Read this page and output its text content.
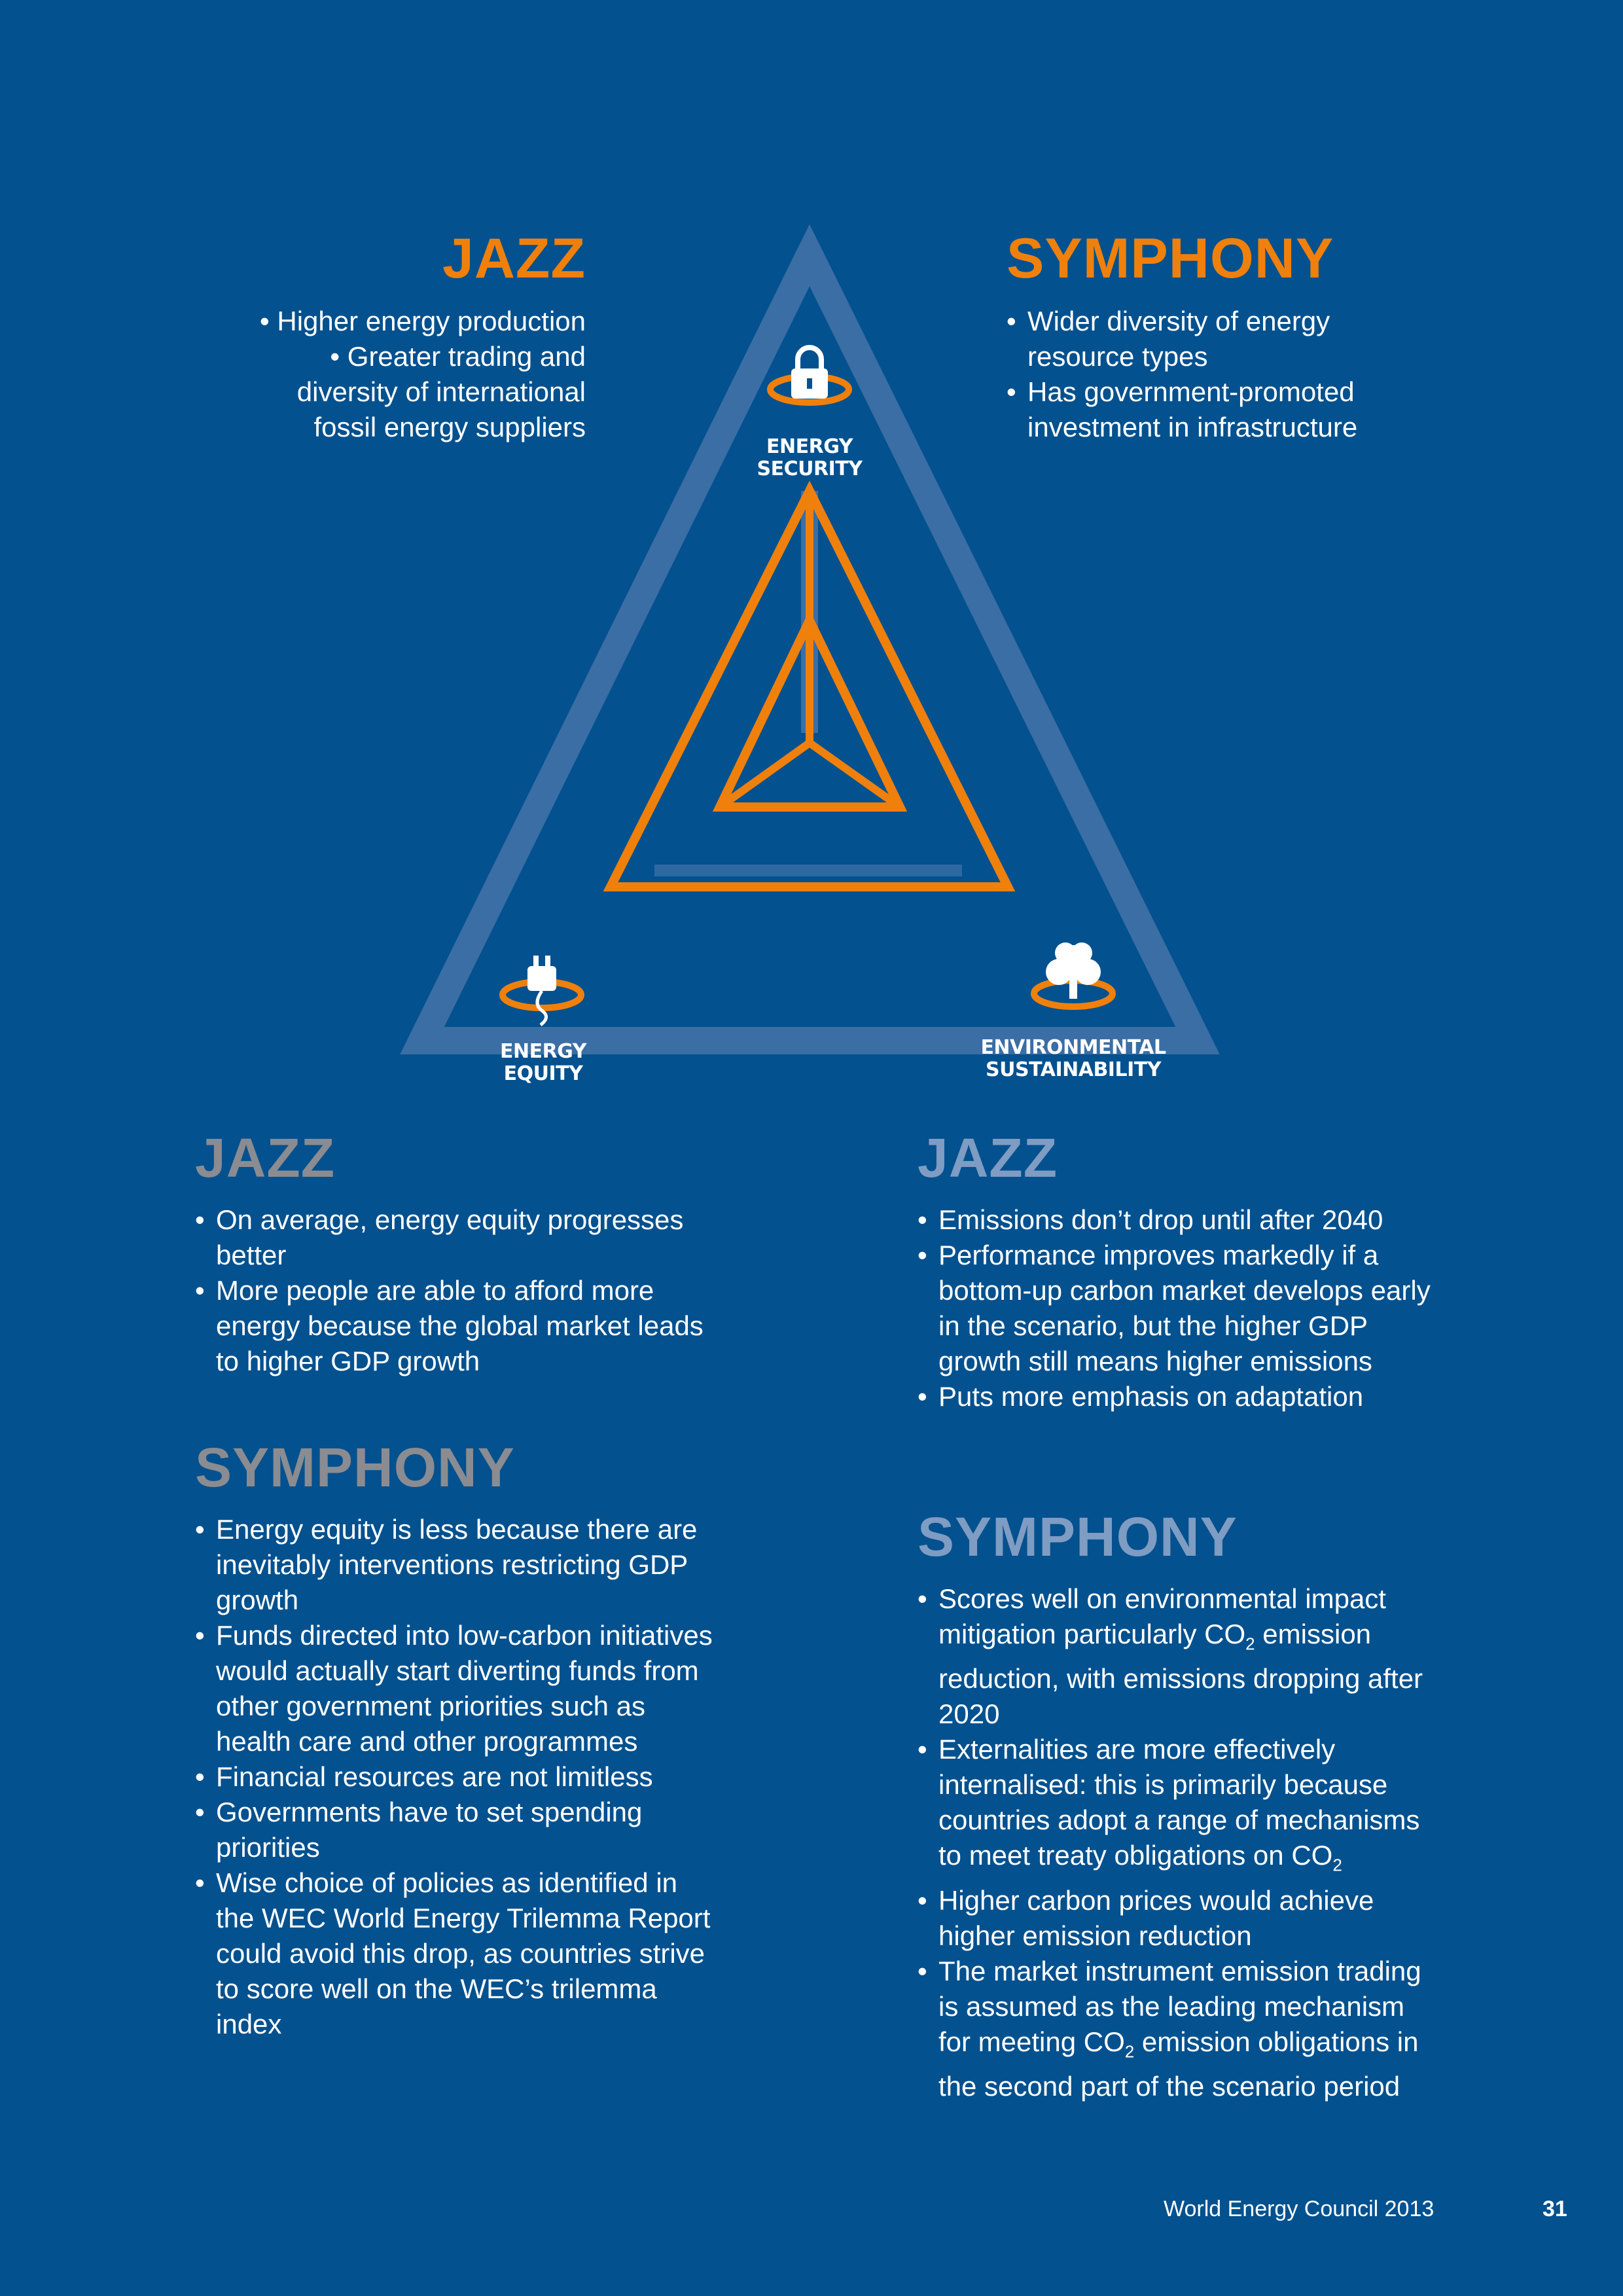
JAZZ
• Higher energy production
• Greater trading and diversity of international fossil energy suppliers
SYMPHONY
• Wider diversity of energy resource types
• Has government-promoted investment in infrastructure
ENERGY
SECURITY
ENERGY
EQUITY
ENVIRONMENTAL
SUSTAINABILITY
JAZZ
• On average, energy equity progresses better
• More people are able to afford more energy because the global market leads to higher GDP growth
SYMPHONY
• Energy equity is less because there are inevitably interventions restricting GDP growth
• Funds directed into low-carbon initiatives would actually start diverting funds from other government priorities such as health care and other programmes
• Financial resources are not limitless
• Governments have to set spending priorities
• Wise choice of policies as identified in the WEC World Energy Trilemma Report could avoid this drop, as countries strive to score well on the WEC’s trilemma index
JAZZ
• Emissions don’t drop until after 2040
• Performance improves markedly if a bottom-up carbon market develops early in the scenario, but the higher GDP growth still means higher emissions
• Puts more emphasis on adaptation
SYMPHONY
• Scores well on environmental impact mitigation particularly $CO_2$ emission reduction, with emissions dropping after 2020
• Externalities are more effectively internalised: this is primarily because countries adopt a range of mechanisms to meet treaty obligations on $CO_2$
• Higher carbon prices would achieve higher emission reduction
• The market instrument emission trading is assumed as the leading mechanism for meeting $CO_2$ emission obligations in the second part of the scenario period
World Energy Council 2013	31
